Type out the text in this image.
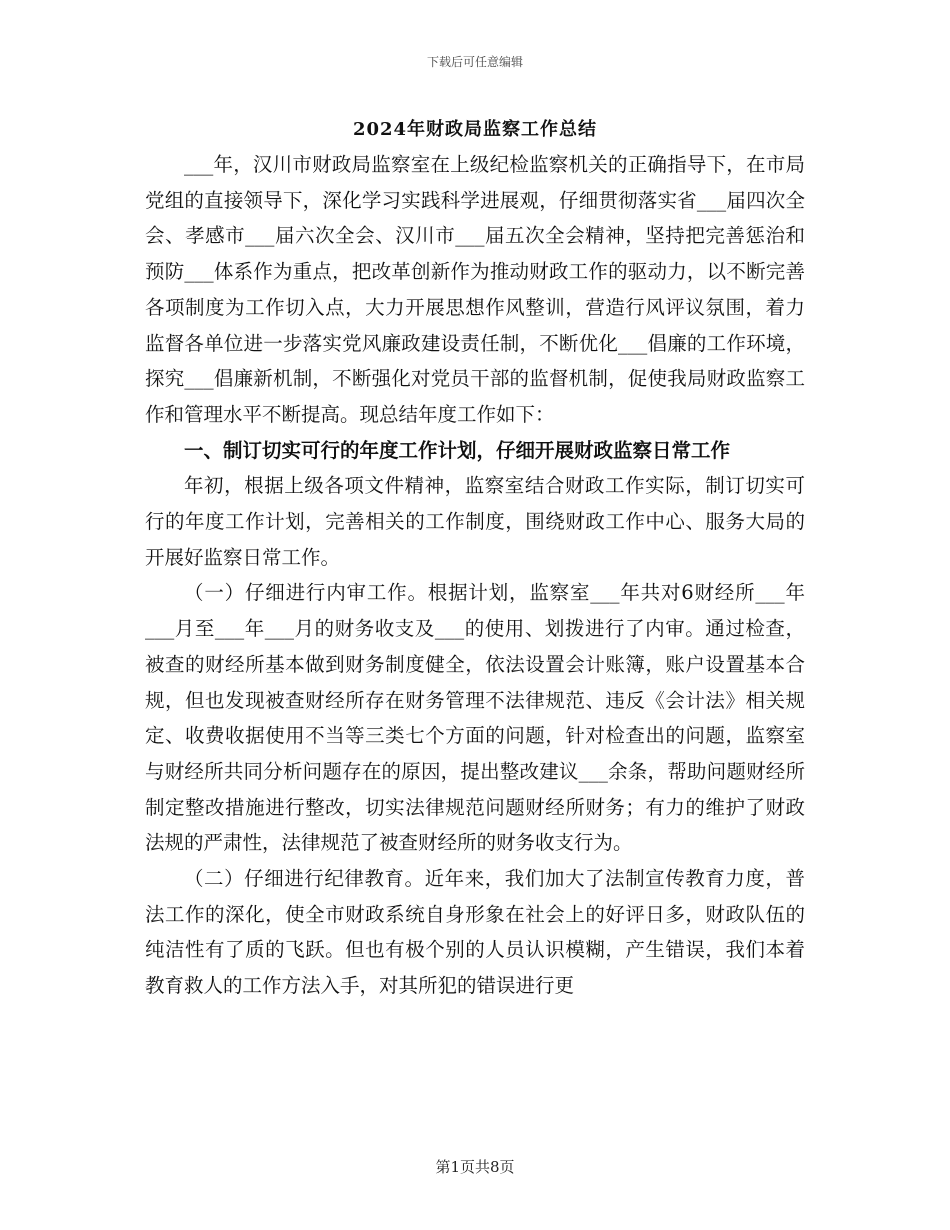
下载后可任意编辑
2024年财政局监察工作总结

___年，汉川市财政局监察室在上级纪检监察机关的正确指导下，在市局党组的直接领导下，深化学习实践科学进展观，仔细贯彻落实省___届四次全会、孝感市___届六次全会、汉川市___届五次全会精神，坚持把完善惩治和预防___体系作为重点，把改革创新作为推动财政工作的驱动力，以不断完善各项制度为工作切入点，大力开展思想作风整训，营造行风评议氛围，着力监督各单位进一步落实党风廉政建设责任制，不断优化___倡廉的工作环境，探究___倡廉新机制，不断强化对党员干部的监督机制，促使我局财政监察工作和管理水平不断提高。现总结年度工作如下：

一、制订切实可行的年度工作计划，仔细开展财政监察日常工作

年初，根据上级各项文件精神，监察室结合财政工作实际，制订切实可行的年度工作计划，完善相关的工作制度，围绕财政工作中心、服务大局的开展好监察日常工作。

（一）仔细进行内审工作。根据计划，监察室___年共对6财经所___年___月至___年___月的财务收支及___的使用、划拨进行了内审。通过检查，被查的财经所基本做到财务制度健全，依法设置会计账簿，账户设置基本合规，但也发现被查财经所存在财务管理不法律规范、违反《会计法》相关规定、收费收据使用不当等三类七个方面的问题，针对检查出的问题，监察室与财经所共同分析问题存在的原因，提出整改建议___余条，帮助问题财经所制定整改措施进行整改，切实法律规范问题财经所财务；有力的维护了财政法规的严肃性，法律规范了被查财经所的财务收支行为。

（二）仔细进行纪律教育。近年来，我们加大了法制宣传教育力度，普法工作的深化，使全市财政系统自身形象在社会上的好评日多，财政队伍的纯洁性有了质的飞跃。但也有极个别的人员认识模糊，产生错误，我们本着教育救人的工作方法入手，对其所犯的错误进行更

第1页共8页
